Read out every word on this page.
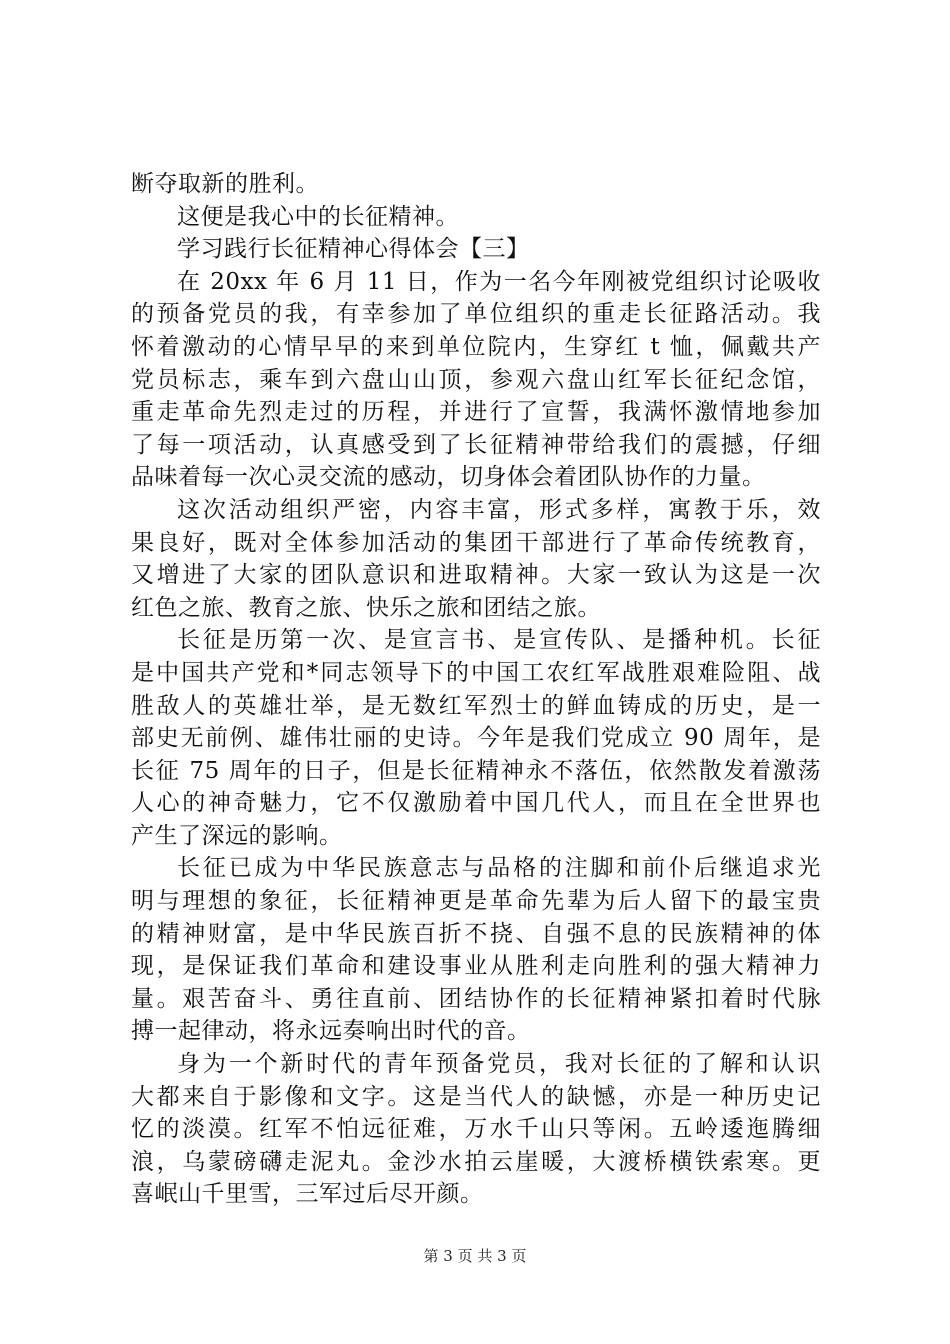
断夺取新的胜利。
这便是我心中的长征精神。
学习践行长征精神心得体会【三】
在 20xx 年 6 月 11 日，作为一名今年刚被党组织讨论吸收
的预备党员的我，有幸参加了单位组织的重走长征路活动。我
怀着激动的心情早早的来到单位院内，生穿红 t 恤，佩戴共产
党员标志，乘车到六盘山山顶，参观六盘山红军长征纪念馆，
重走革命先烈走过的历程，并进行了宣誓，我满怀激情地参加
了每一项活动，认真感受到了长征精神带给我们的震撼，仔细
品味着每一次心灵交流的感动，切身体会着团队协作的力量。
这次活动组织严密，内容丰富，形式多样，寓教于乐，效
果良好，既对全体参加活动的集团干部进行了革命传统教育，
又增进了大家的团队意识和进取精神。大家一致认为这是一次
红色之旅、教育之旅、快乐之旅和团结之旅。
长征是历第一次、是宣言书、是宣传队、是播种机。长征
是中国共产党和*同志领导下的中国工农红军战胜艰难险阻、战
胜敌人的英雄壮举，是无数红军烈士的鲜血铸成的历史，是一
部史无前例、雄伟壮丽的史诗。今年是我们党成立 90 周年，是
长征 75 周年的日子，但是长征精神永不落伍，依然散发着激荡
人心的神奇魅力，它不仅激励着中国几代人，而且在全世界也
产生了深远的影响。
长征已成为中华民族意志与品格的注脚和前仆后继追求光
明与理想的象征，长征精神更是革命先辈为后人留下的最宝贵
的精神财富，是中华民族百折不挠、自强不息的民族精神的体
现，是保证我们革命和建设事业从胜利走向胜利的强大精神力
量。艰苦奋斗、勇往直前、团结协作的长征精神紧扣着时代脉
搏一起律动，将永远奏响出时代的音。
身为一个新时代的青年预备党员，我对长征的了解和认识
大都来自于影像和文字。这是当代人的缺憾，亦是一种历史记
忆的淡漠。红军不怕远征难，万水千山只等闲。五岭逶迤腾细
浪，乌蒙磅礴走泥丸。金沙水拍云崖暖，大渡桥横铁索寒。更
喜岷山千里雪，三军过后尽开颜。
第 3 页 共 3 页
